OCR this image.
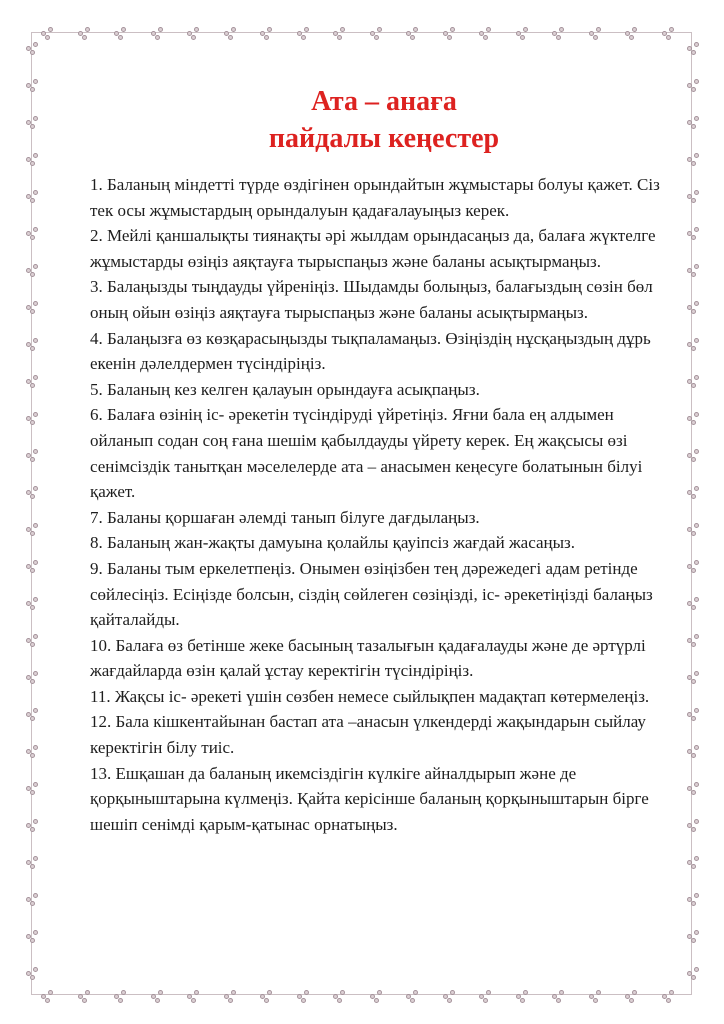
Ата – анаға
пайдалы кеңестер

1. Баланың міндетті түрде өздігінен орындайтын жұмыстары болуы қажет. Сіз тек осы жұмыстардың орындалуын қадағалауыңыз керек.

2. Мейлі қаншалықты тиянақты әрі жылдам орындасаңыз да, балаға жүктелге жұмыстарды өзіңіз аяқтауға тырыспаңыз және баланы асықтырмаңыз.

3. Балаңызды тыңдауды үйреніңіз. Шыдамды болыңыз, балағыздың сөзін бөл оның ойын өзіңіз аяқтауға тырыспаңыз және баланы асықтырмаңыз.

4. Балаңызға өз көзқарасыңызды тықпаламаңыз. Өзіңіздің нұсқаңыздың дұрь екенін дәлелдермен түсіндіріңіз.

5. Баланың кез келген қалауын орындауға асықпаңыз.

6. Балаға өзінің іс- әрекетін түсіндіруді үйретіңіз. Яғни бала ең алдымен ойланып содан соң ғана шешім қабылдауды үйрету керек. Ең жақсысы өзі сенімсіздік танытқан мәселелерде ата – анасымен кеңесуге болатынын білуі қажет.

7. Баланы қоршаған әлемді танып білуге дағдылаңыз.

8. Баланың жан-жақты дамуына қолайлы қауіпсіз жағдай жасаңыз.

9. Баланы тым еркелетпеңіз. Онымен өзіңізбен тең дәрежедегі адам ретінде сөйлесіңіз. Есіңізде болсын, сіздің сөйлеген сөзіңізді, іс- әрекетіңізді балаңыз қайталайды.

10. Балаға өз бетінше жеке басының тазалығын қадағалауды және де әртүрлі жағдайларда өзін қалай ұстау керектігін түсіндіріңіз.

11. Жақсы іс- әрекеті үшін сөзбен немесе сыйлықпен мадақтап көтермелеңіз.

12. Бала кішкентайынан бастап ата –анасын үлкендерді жақындарын сыйлау керектігін білу тиіс.

13. Ешқашан да баланың икемсіздігін күлкіге айналдырып және де қорқыныштарына күлмеңіз. Қайта керісінше баланың қорқыныштарын бірге шешіп сенімді қарым-қатынас орнатыңыз.
